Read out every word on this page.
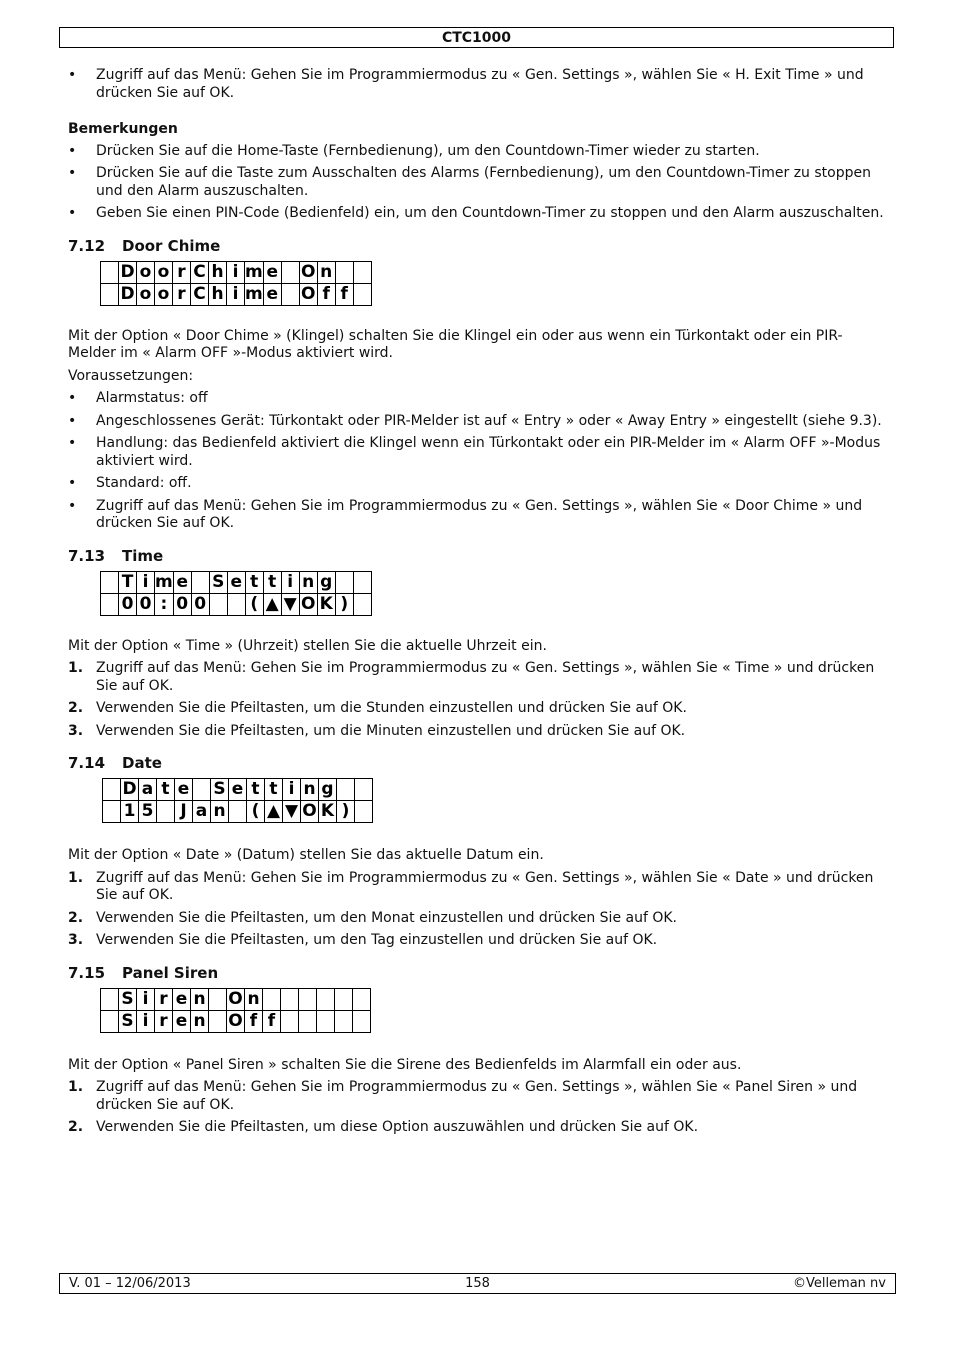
CTC1000
• Zugriff auf das Menü: Gehen Sie im Programmiermodus zu « Gen. Settings », wählen Sie « H. Exit Time » und drücken Sie auf OK.
Bemerkungen
• Drücken Sie auf die Home-Taste (Fernbedienung), um den Countdown-Timer wieder zu starten.
• Drücken Sie auf die Taste zum Ausschalten des Alarms (Fernbedienung), um den Countdown-Timer zu stoppen und den Alarm auszuschalten.
• Geben Sie einen PIN-Code (Bedienfeld) ein, um den Countdown-Timer zu stoppen und den Alarm auszuschalten.
7.12 Door Chime
	D	o	o	r	C	h	i	m	e		O	n		
	D	o	o	r	C	h	i	m	e		O	f	f	
Mit der Option « Door Chime » (Klingel) schalten Sie die Klingel ein oder aus wenn ein Türkontakt oder ein PIR-Melder im « Alarm OFF »-Modus aktiviert wird.
Voraussetzungen:
• Alarmstatus: off
• Angeschlossenes Gerät: Türkontakt oder PIR-Melder ist auf « Entry » oder « Away Entry » eingestellt (siehe 9.3).
• Handlung: das Bedienfeld aktiviert die Klingel wenn ein Türkontakt oder ein PIR-Melder im « Alarm OFF »-Modus aktiviert wird.
• Standard: off.
• Zugriff auf das Menü: Gehen Sie im Programmiermodus zu « Gen. Settings », wählen Sie « Door Chime » und drücken Sie auf OK.
7.13 Time
	T	i	m	e		S	e	t	t	i	n	g		
	0	0	:	0	0			(	▲	▼	O	K	)	
Mit der Option « Time » (Uhrzeit) stellen Sie die aktuelle Uhrzeit ein.
1. Zugriff auf das Menü: Gehen Sie im Programmiermodus zu « Gen. Settings », wählen Sie « Time » und drücken Sie auf OK.
2. Verwenden Sie die Pfeiltasten, um die Stunden einzustellen und drücken Sie auf OK.
3. Verwenden Sie die Pfeiltasten, um die Minuten einzustellen und drücken Sie auf OK.
7.14 Date
	D	a	t	e		S	e	t	t	i	n	g		
	1	5		J	a	n		(	▲	▼	O	K	)	
Mit der Option « Date » (Datum) stellen Sie das aktuelle Datum ein.
1. Zugriff auf das Menü: Gehen Sie im Programmiermodus zu « Gen. Settings », wählen Sie « Date » und drücken Sie auf OK.
2. Verwenden Sie die Pfeiltasten, um den Monat einzustellen und drücken Sie auf OK.
3. Verwenden Sie die Pfeiltasten, um den Tag einzustellen und drücken Sie auf OK.
7.15 Panel Siren
	S	i	r	e	n		O	n						
	S	i	r	e	n		O	f	f					
Mit der Option « Panel Siren » schalten Sie die Sirene des Bedienfelds im Alarmfall ein oder aus.
1. Zugriff auf das Menü: Gehen Sie im Programmiermodus zu « Gen. Settings », wählen Sie « Panel Siren » und drücken Sie auf OK.
2. Verwenden Sie die Pfeiltasten, um diese Option auszuwählen und drücken Sie auf OK.
V. 01 – 12/06/2013	158	©Velleman nv
